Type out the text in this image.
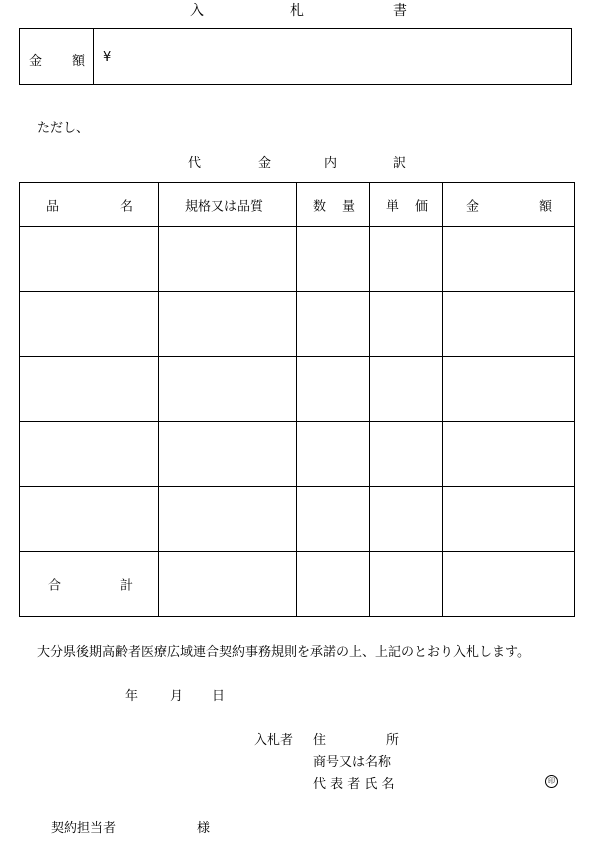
入	札	書
金 額 ¥
ただし、
代	金	内	訳
品 名	規格又は品質	数 量	単 価	金 額

合 計				

大分県後期高齢者医療広域連合契約事務規則を承諾の上、上記のとおり入札します。
年 月 日
入札者 住	所
商号又は名称
代 表 者 氏 名	印
契約担当者	様
